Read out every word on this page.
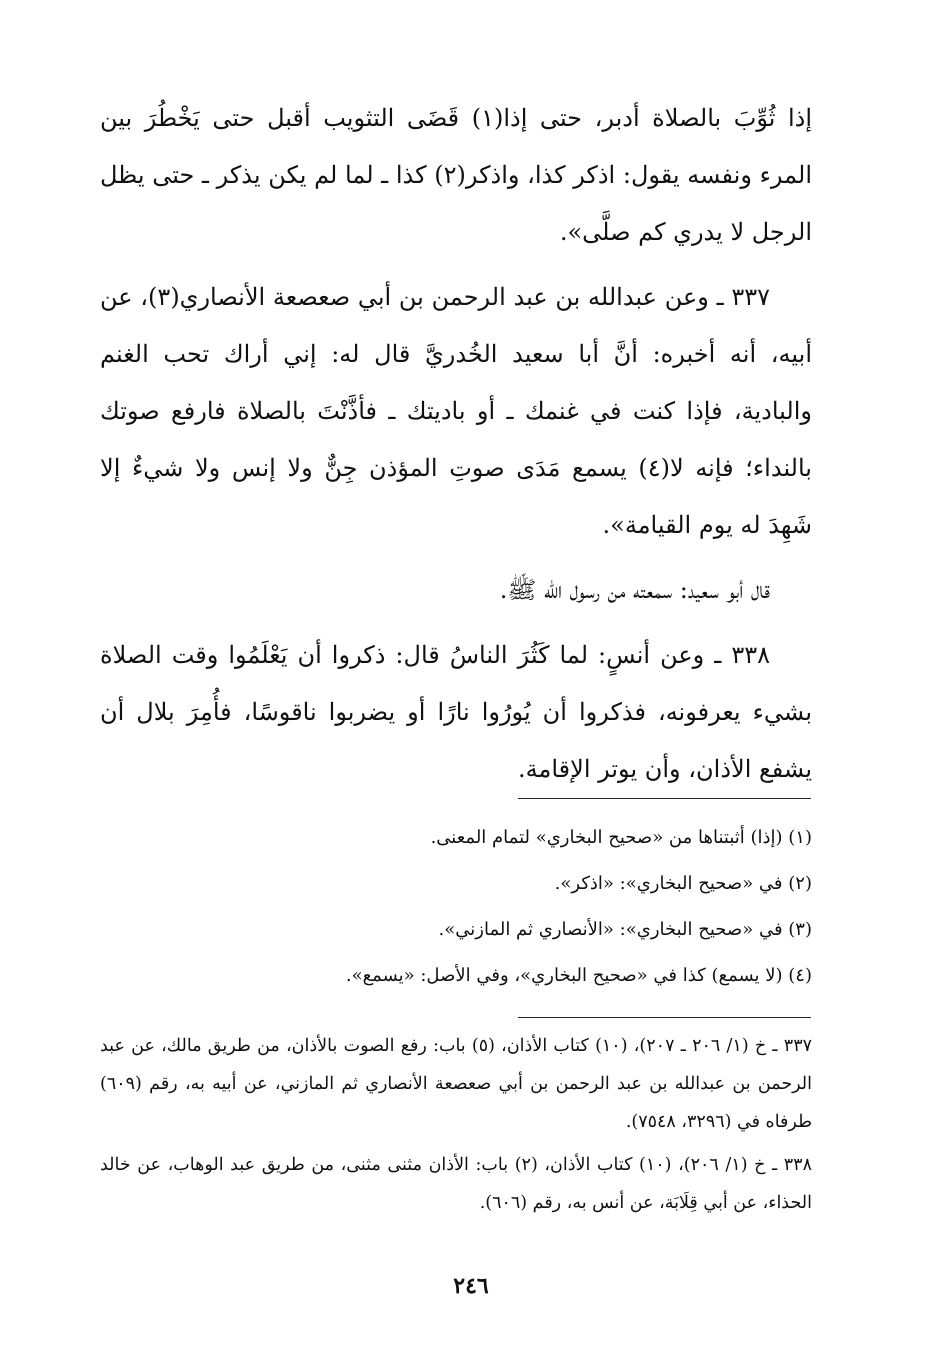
إذا ثُوِّبَ بالصلاة أدبر، حتى إذا(١) قَضَى التثويب أقبل حتى يَخْطُرَ بين المرء ونفسه يقول: اذكر كذا، واذكر(٢) كذا ـ لما لم يكن يذكر ـ حتى يظل الرجل لا يدري كم صلَّى».

٣٣٧ ـ وعن عبدالله بن عبد الرحمن بن أبي صعصعة الأنصاري(٣)، عن أبيه، أنه أخبره: أنَّ أبا سعيد الخُدريَّ قال له: إني أراك تحب الغنم والبادية، فإذا كنت في غنمك ـ أو باديتك ـ فأذَّنْتَ بالصلاة فارفع صوتك بالنداء؛ فإنه لا(٤) يسمع مَدَى صوتِ المؤذن جِنٌّ ولا إنس ولا شيءٌ إلا شَهِدَ له يوم القيامة».

قال أبو سعيد: سمعته من رسول الله ﷺ.

٣٣٨ ـ وعن أنسٍ: لما كَثُرَ الناسُ قال: ذكروا أن يَعْلَمُوا وقت الصلاة بشيء يعرفونه، فذكروا أن يُورُوا نارًا أو يضربوا ناقوسًا، فأُمِرَ بلال أن يشفع الأذان، وأن يوتر الإقامة.

(١) (إذا) أثبتناها من «صحيح البخاري» لتمام المعنى.
(٢) في «صحيح البخاري»: «اذكر».
(٣) في «صحيح البخاري»: «الأنصاري ثم المازني».
(٤) (لا يسمع) كذا في «صحيح البخاري»، وفي الأصل: «يسمع».

٣٣٧ ـ خ (١/ ٢٠٦ ـ ٢٠٧)، (١٠) كتاب الأذان، (٥) باب: رفع الصوت بالأذان، من طريق مالك، عن عبد الرحمن بن عبدالله بن عبد الرحمن بن أبي صعصعة الأنصاري ثم المازني، عن أبيه به، رقم (٦٠٩) طرفاه في (٣٢٩٦، ٧٥٤٨).

٣٣٨ ـ خ (١/ ٢٠٦)، (١٠) كتاب الأذان، (٢) باب: الأذان مثنى مثنى، من طريق عبد الوهاب، عن خالد الحذاء، عن أبي قِلَابَة، عن أنس به، رقم (٦٠٦).

٢٤٦
